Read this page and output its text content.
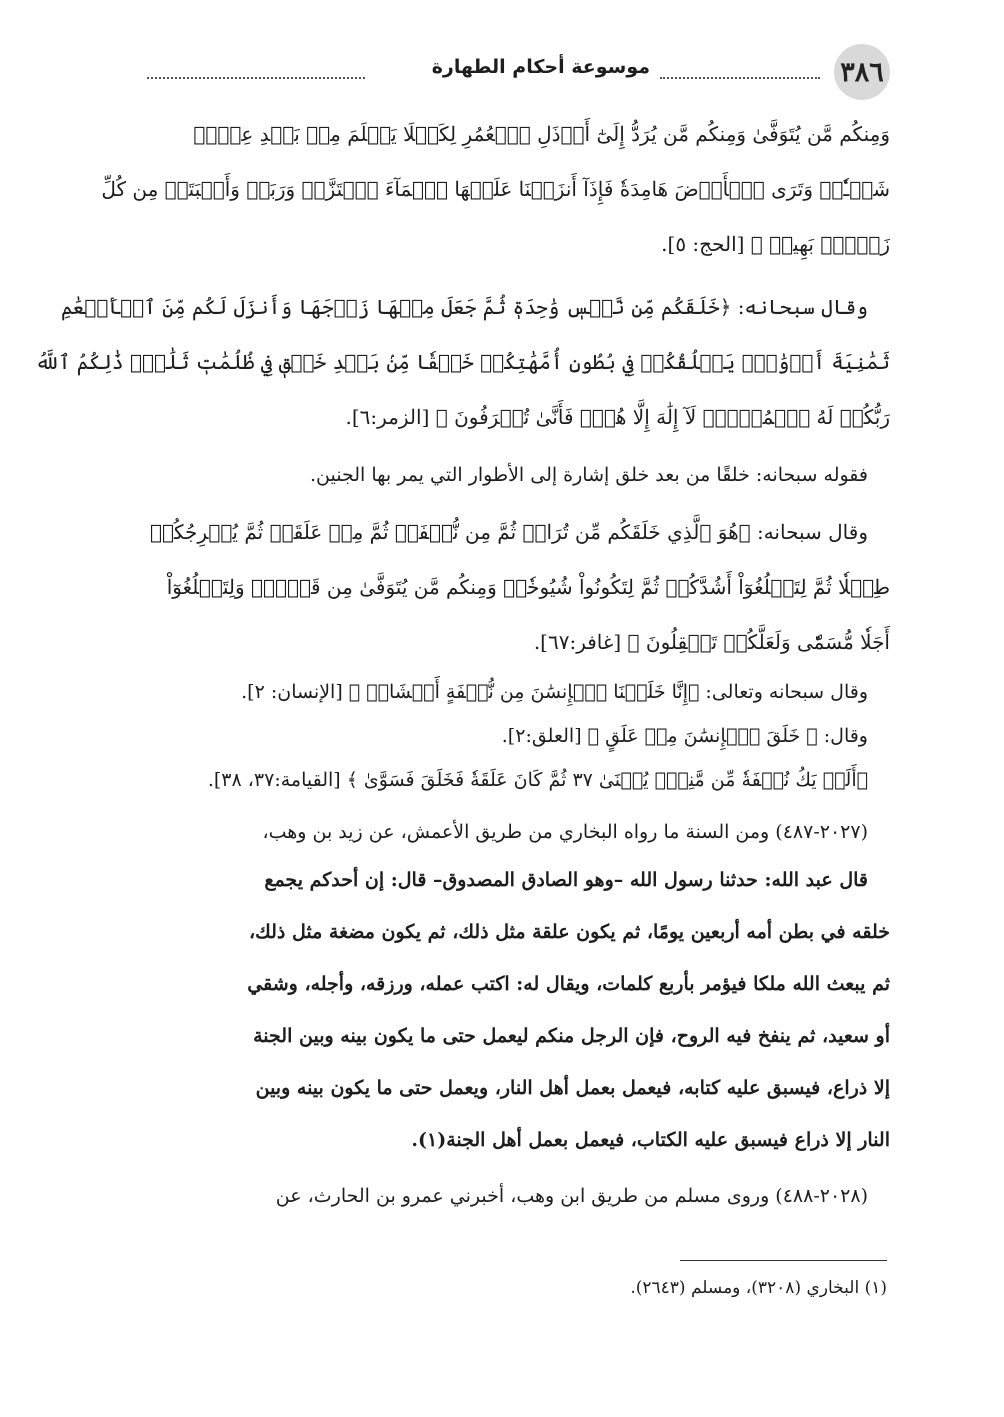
٣٨٦
موسوعة أحكام الطهارة
وَمِنكُم مَّن يُتَوَفَّىٰ وَمِنكُم مَّن يُرَدُّ إِلَىٰٓ أَرۡذَلِ ٱلۡعُمُرِ لِكَيۡلَا يَعۡلَمَ مِنۢ بَعۡدِ عِلۡمٖ
شَيۡـٔٗاۚ وَتَرَى ٱلۡأَرۡضَ هَامِدَةٗ فَإِذَآ أَنزَلۡنَا عَلَيۡهَا ٱلۡمَآءَ ٱهۡتَزَّتۡ وَرَبَتۡ وَأَنۢبَتَتۡ مِن كُلِّ
زَوۡجِۭ بَهِيجٖ ﴾ [الحج: ٥].
وقال سبحانه: ﴿خَلَقَكُم مِّن نَّفۡسٖ وَٰحِدَةٖ ثُمَّ جَعَلَ مِنۡهَا زَوۡجَهَا وَأَنزَلَ لَكُم مِّنَ ٱلۡأَنۡعَٰمِ
ثَمَٰنِيَةَ أَزۡوَٰجٖۚ يَخۡلُقُكُمۡ فِي بُطُونِ أُمَّهَٰتِكُمۡ خَلۡقٗا مِّنۢ بَعۡدِ خَلۡقٖ فِي ظُلُمَٰتٖ ثَلَٰثٖۚ ذَٰلِكُمُ ٱللَّهُ
رَبُّكُمۡ لَهُ ٱلۡمُلۡكُۖ لَآ إِلَٰهَ إِلَّا هُوَۖ فَأَنَّىٰ تُصۡرَفُونَ ﴾ [الزمر:٦].
فقوله سبحانه: خلقًا من بعد خلق إشارة إلى الأطوار التي يمر بها الجنين.
وقال سبحانه: ﴿هُوَ ٱلَّذِي خَلَقَكُم مِّن تُرَابٖ ثُمَّ مِن نُّطۡفَةٖ ثُمَّ مِنۡ عَلَقَةٖ ثُمَّ يُخۡرِجُكُمۡ
طِفۡلٗا ثُمَّ لِتَبۡلُغُوٓاْ أَشُدَّكُمۡ ثُمَّ لِتَكُونُواْ شُيُوخٗاۚ وَمِنكُم مَّن يُتَوَفَّىٰ مِن قَبۡلُۖ وَلِتَبۡلُغُوٓاْ
أَجَلٗا مُّسَمّٗى وَلَعَلَّكُمۡ تَعۡقِلُونَ ﴾ [غافر:٦٧].
وقال سبحانه وتعالى: ﴿إِنَّا خَلَقۡنَا ٱلۡإِنسَٰنَ مِن نُّطۡفَةٍ أَمۡشَاجٖ ﴾ [الإنسان: ٢].
وقال: ﴿ خَلَقَ ٱلۡإِنسَٰنَ مِنۡ عَلَقٍ ﴾ [العلق:٢].
﴿أَلَمۡ يَكُ نُطۡفَةٗ مِّن مَّنِيّٖ يُمۡنَىٰ ٣٧ ثُمَّ كَانَ عَلَقَةٗ فَخَلَقَ فَسَوَّىٰ ﴾ [القيامة:٣٧، ٣٨].
(٢٠٢٧-٤٨٧) ومن السنة ما رواه البخاري من طريق الأعمش، عن زيد بن وهب،
قال عبد الله: حدثنا رسول الله –وهو الصادق المصدوق– قال: إن أحدكم يجمع
خلقه في بطن أمه أربعين يومًا، ثم يكون علقة مثل ذلك، ثم يكون مضغة مثل ذلك،
ثم يبعث الله ملكا فيؤمر بأربع كلمات، ويقال له: اكتب عمله، ورزقه، وأجله، وشقي
أو سعيد، ثم ينفخ فيه الروح، فإن الرجل منكم ليعمل حتى ما يكون بينه وبين الجنة
إلا ذراع، فيسبق عليه كتابه، فيعمل بعمل أهل النار، ويعمل حتى ما يكون بينه وبين
النار إلا ذراع فيسبق عليه الكتاب، فيعمل بعمل أهل الجنة(١).
(٢٠٢٨-٤٨٨) وروى مسلم من طريق ابن وهب، أخبرني عمرو بن الحارث، عن
(١) البخاري (٣٢٠٨)، ومسلم (٢٦٤٣).
